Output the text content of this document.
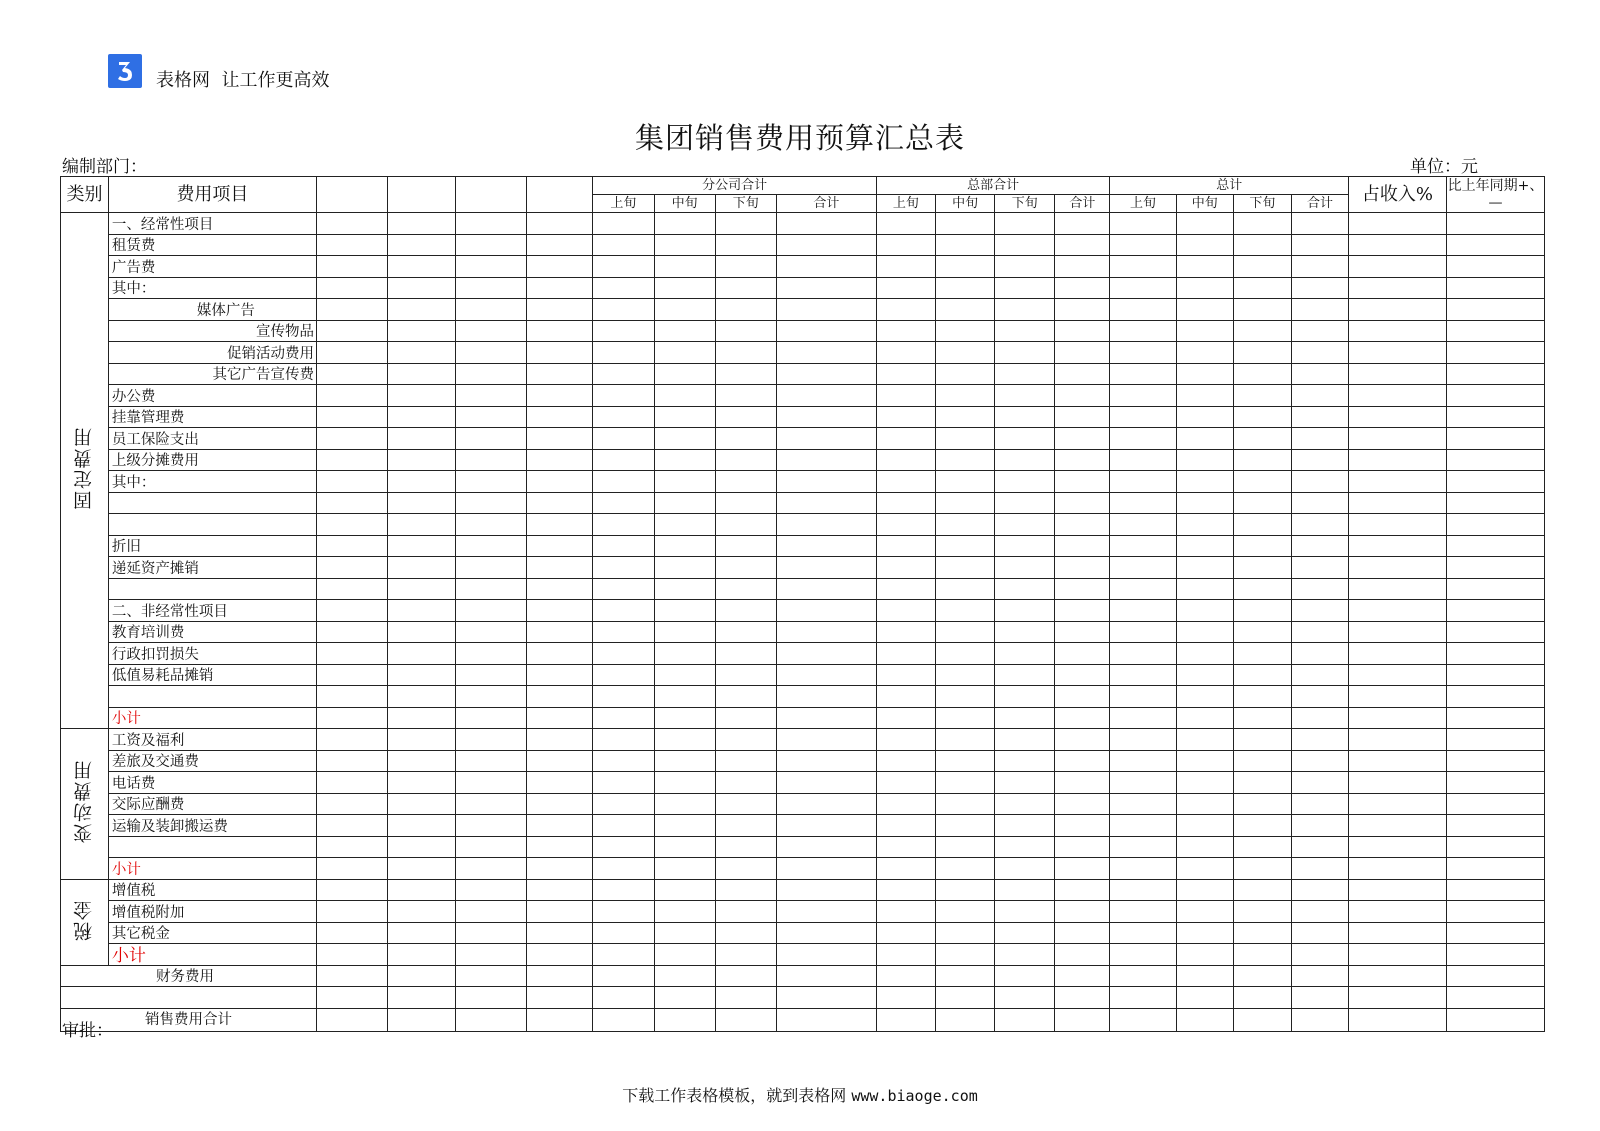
表格网 让工作更高效
集团销售费用预算汇总表
编制部门：	单位：元
类别	费用项目					分公司合计				总部合计				总计				占收入%	比上年同期+、—
						上旬	中旬	下旬	合计	上旬	中旬	下旬	合计	上旬	中旬	下旬	合计		
固定费用	一、经常性项目																		
	租赁费																		
	广告费																		
	其中：																		
	媒体广告																		
	宣传物品																		
	促销活动费用																		
	其它广告宣传费																		
	办公费																		
	挂靠管理费																		
	员工保险支出																		
	上级分摊费用																		
	其中：																		

	折旧																		
	递延资产摊销																		

	二、非经常性项目																		
	教育培训费																		
	行政扣罚损失																		
	低值易耗品摊销																		

	小计																		
变动费用	工资及福利																		
	差旅及交通费																		
	电话费																		
	交际应酬费																		
	运输及装卸搬运费																		

	小计																		
税金	增值税																		
	增值税附加																		
	其它税金																		
	小计																		
财务费用																			

销售费用合计																			
审批：
下载工作表格模板，就到表格网 www.biaoge.com
